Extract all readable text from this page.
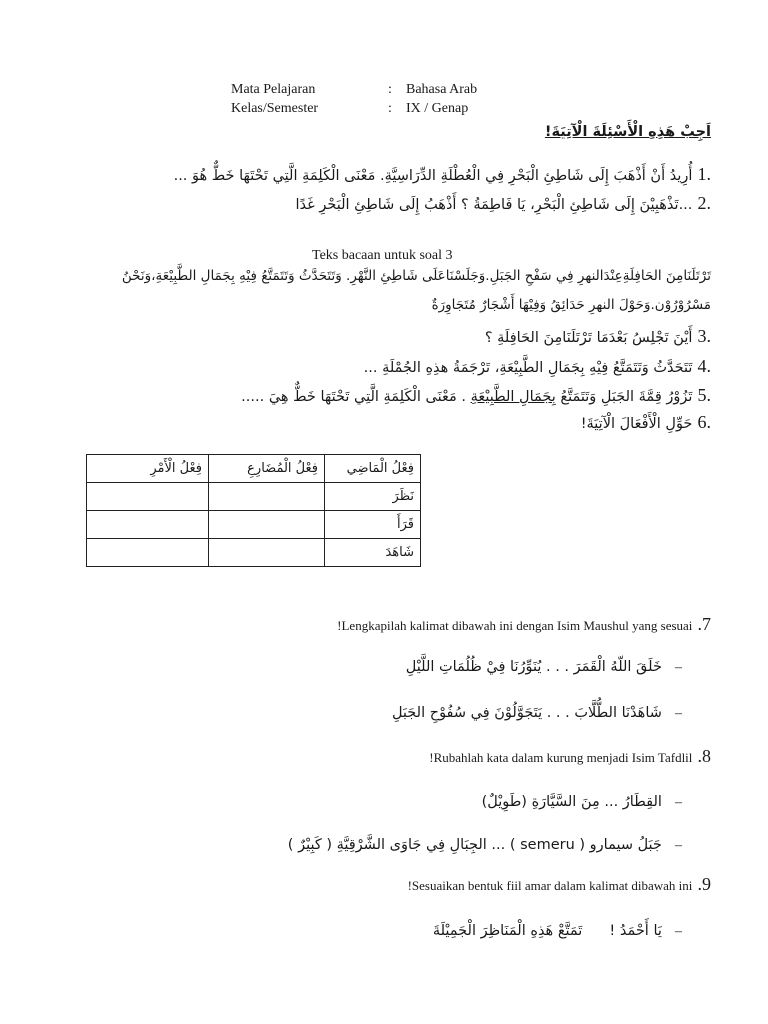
Mata Pelajaran	: Bahasa Arab
Kelas/Semester	: IX / Genap
اَجِبْ هَذِهِ الْأَسْئِلَةَ الْآتِيَةَ!
أُرِيدُ أَنْ أَذْهَبَ إِلَى شَاطِئِ الْبَحْرِ فِي الْعُطْلَةِ الدِّرَاسِيَّةِ. مَعْنَى الْكَلِمَةِ الَّتِي تَحْتَهَا خَطٌّ هُوَ ... 1.
...تَذْهَبِيْنَ إِلَى شَاطِئِ الْبَحْرِ، يَا فَاطِمَةُ ؟ أَذْهَبُ إِلَى شَاطِئِ الْبَحْرِ غَدًا 2.
Teks bacaan untuk soal 3
تَرْتَلَنَامِنَ الحَافِلَةِعِنْدَالنهرِ فِي سَفْحِ الجَبَلِ.وَجَلَسْنَاعَلَى شَاطِئِ النَّهْرِ. وَتَتَحَدَّثُ وَتَتَمَتَّعُ فِيْهِ بِجَمَالِ الطَّبِيْعَةِ،وَنَحْنُ
مَسْرُوْرُوْن.وَحَوْلَ النهرِ حَدَائِقُ وَفِيْهَا أَشْجَارٌ مُتَجَاوِرَةٌ
أَيْنَ تَجْلِسُ بَعْدَمَا تَرْتَلَنَامِنَ الحَافِلَةِ ؟ 3.
تَتَحَدَّثُ وَتَتَمَتَّعُ فِيْهِ بِجَمَالِ الطَّبِيْعَةِ، تَرْجَمَةُ هذِهِ الجُمْلَةِ ... 4.
تَزُوْرُ قِمَّةَ الجَبَلِ وَتَتَمَتَّعُ بِجَمَالِ الطَّبِيْعَةِ . مَعْنَى الْكَلِمَةِ الَّتِي تَحْتَهَا خَطٌّ هِيَ .....	5.
حَوِّلِ الْأَفْعَالَ الْآتِيَةَ! 6.
فِعْلُ الْأَمْرِ	فِعْلُ الْمُضَارِعِ	فِعْلُ الْمَاضِي
		نَظَرَ
		قَرَأَ
		شَاهَدَ
!Lengkapilah kalimat dibawah ini dengan Isim Maushul yang sesuai .7
خَلَقَ اللّهُ الْقَمَرَ . . . يُنَوِّرُنَا فِيْ ظُلُمَاتِ اللَّيْلِ –
شَاهَدْنَا الطُّلَّابَ . . . يَتَجَوَّلُوْنَ فِي سُفُوْحِ الجَبَلِ –
!Rubahlah kata dalam kurung menjadi Isim Tafdlil .8
القِطَارُ ... مِنَ السَّيَّارَةِ (طَوِيْلٌ) –
) ... الجِبَالِ فِي جَاوَى الشَّرْقِيَّةِ ( كَبِيْرٌ ) semeru جَبَلُ سيمارو ( –
!Sesuaikan bentuk fiil amar dalam kalimat dibawah ini .9
تَمَتَّعْ هَذِهِ الْمَنَاظِرَ الْجَمِيْلَةَ يَا أَحْمَدُ ! –
